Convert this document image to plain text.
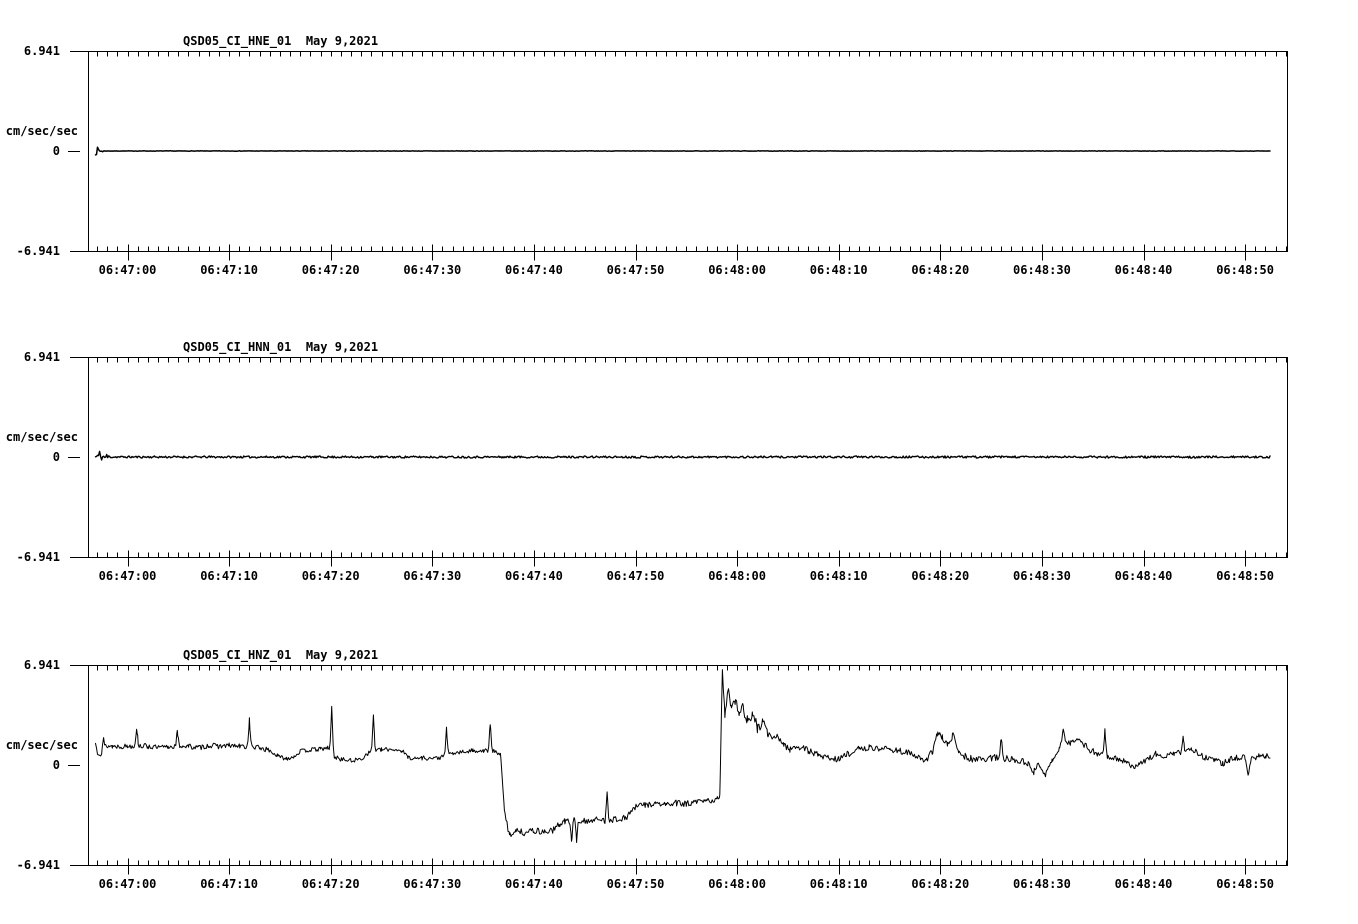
QSD05_CI_HNE_01  May 9,2021
6.941
cm/sec/sec
0
-6.941
QSD05_CI_HNN_01  May 9,2021
6.941
cm/sec/sec
0
-6.941
QSD05_CI_HNZ_01  May 9,2021
6.941
cm/sec/sec
0
-6.941
06:47:00	06:47:10	06:47:20	06:47:30	06:47:40	06:47:50	06:48:00	06:48:10	06:48:20	06:48:30	06:48:40	06:48:50
06:47:00	06:47:10	06:47:20	06:47:30	06:47:40	06:47:50	06:48:00	06:48:10	06:48:20	06:48:30	06:48:40	06:48:50
06:47:00	06:47:10	06:47:20	06:47:30	06:47:40	06:47:50	06:48:00	06:48:10	06:48:20	06:48:30	06:48:40	06:48:50
